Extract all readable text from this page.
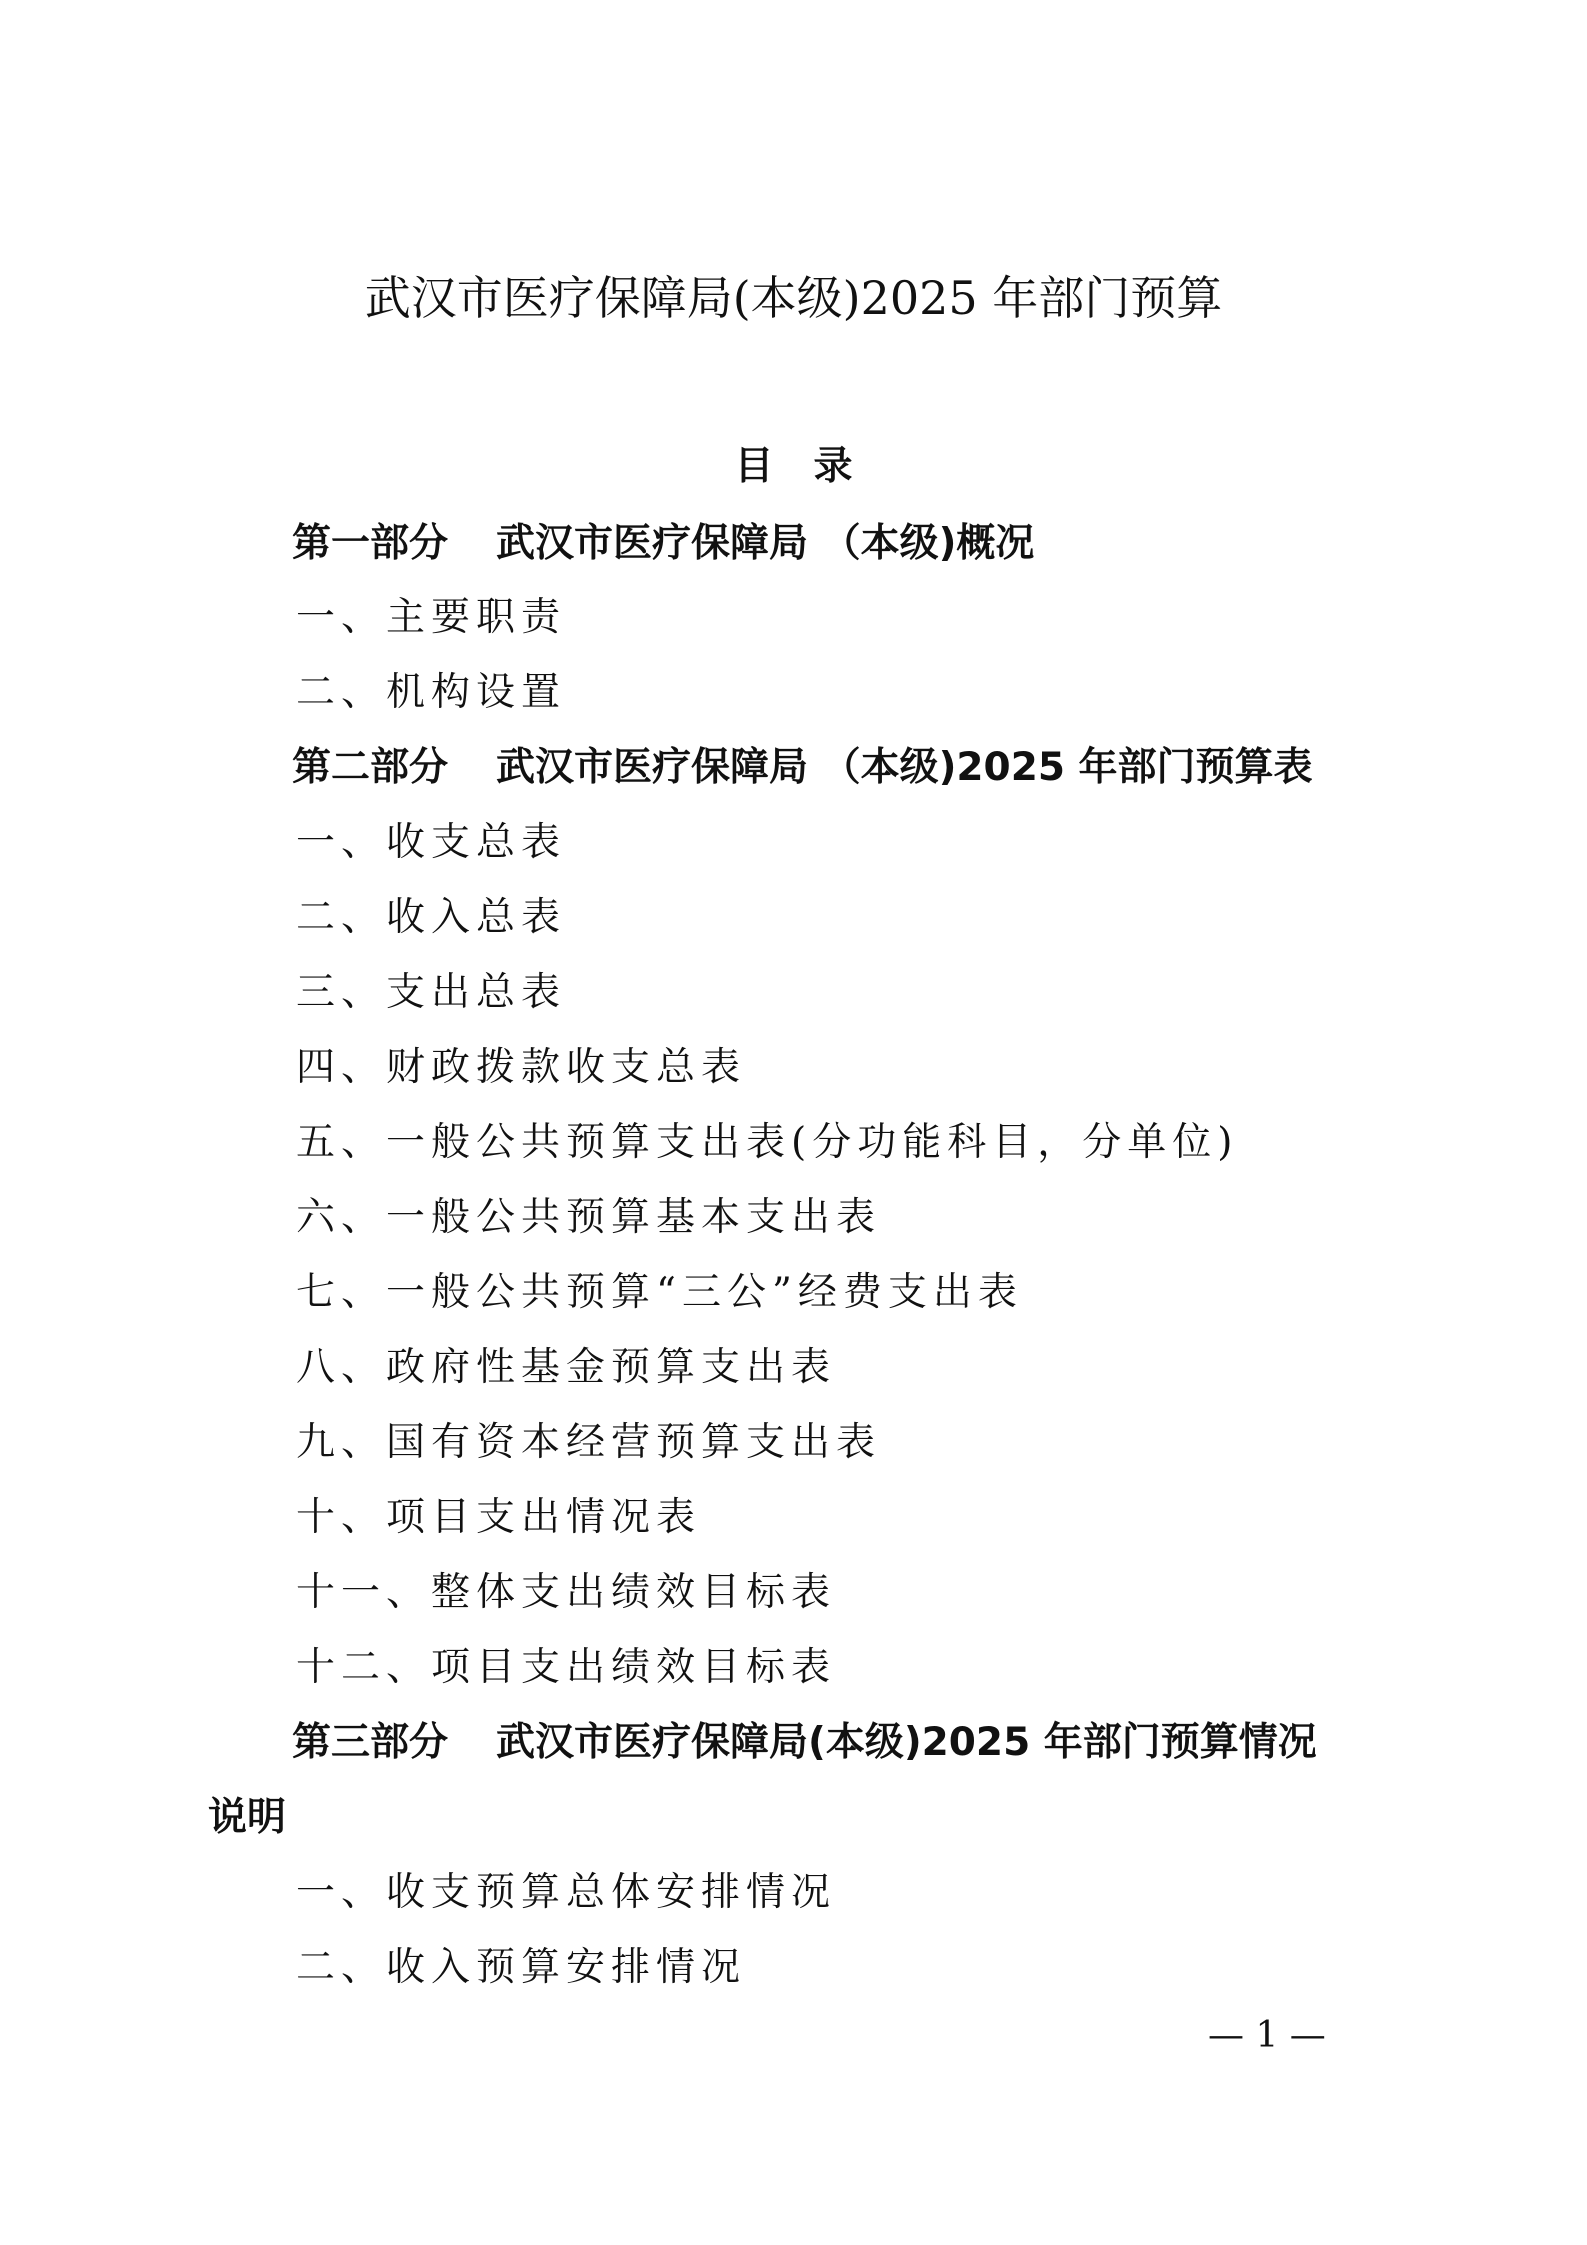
武汉市医疗保障局(本级)2025 年部门预算
目录
第一部分 武汉市医疗保障局 （本级)概况
一、主要职责
二、机构设置
第二部分 武汉市医疗保障局 （本级)2025 年部门预算表
一、收支总表
二、收入总表
三、支出总表
四、财政拨款收支总表
五、一般公共预算支出表(分功能科目，分单位)
六、一般公共预算基本支出表
七、一般公共预算“三公”经费支出表
八、政府性基金预算支出表
九、国有资本经营预算支出表
十、项目支出情况表
十一、整体支出绩效目标表
十二、项目支出绩效目标表
第三部分 武汉市医疗保障局(本级)2025 年部门预算情况
说明
一、收支预算总体安排情况
二、收入预算安排情况
— 1 —
